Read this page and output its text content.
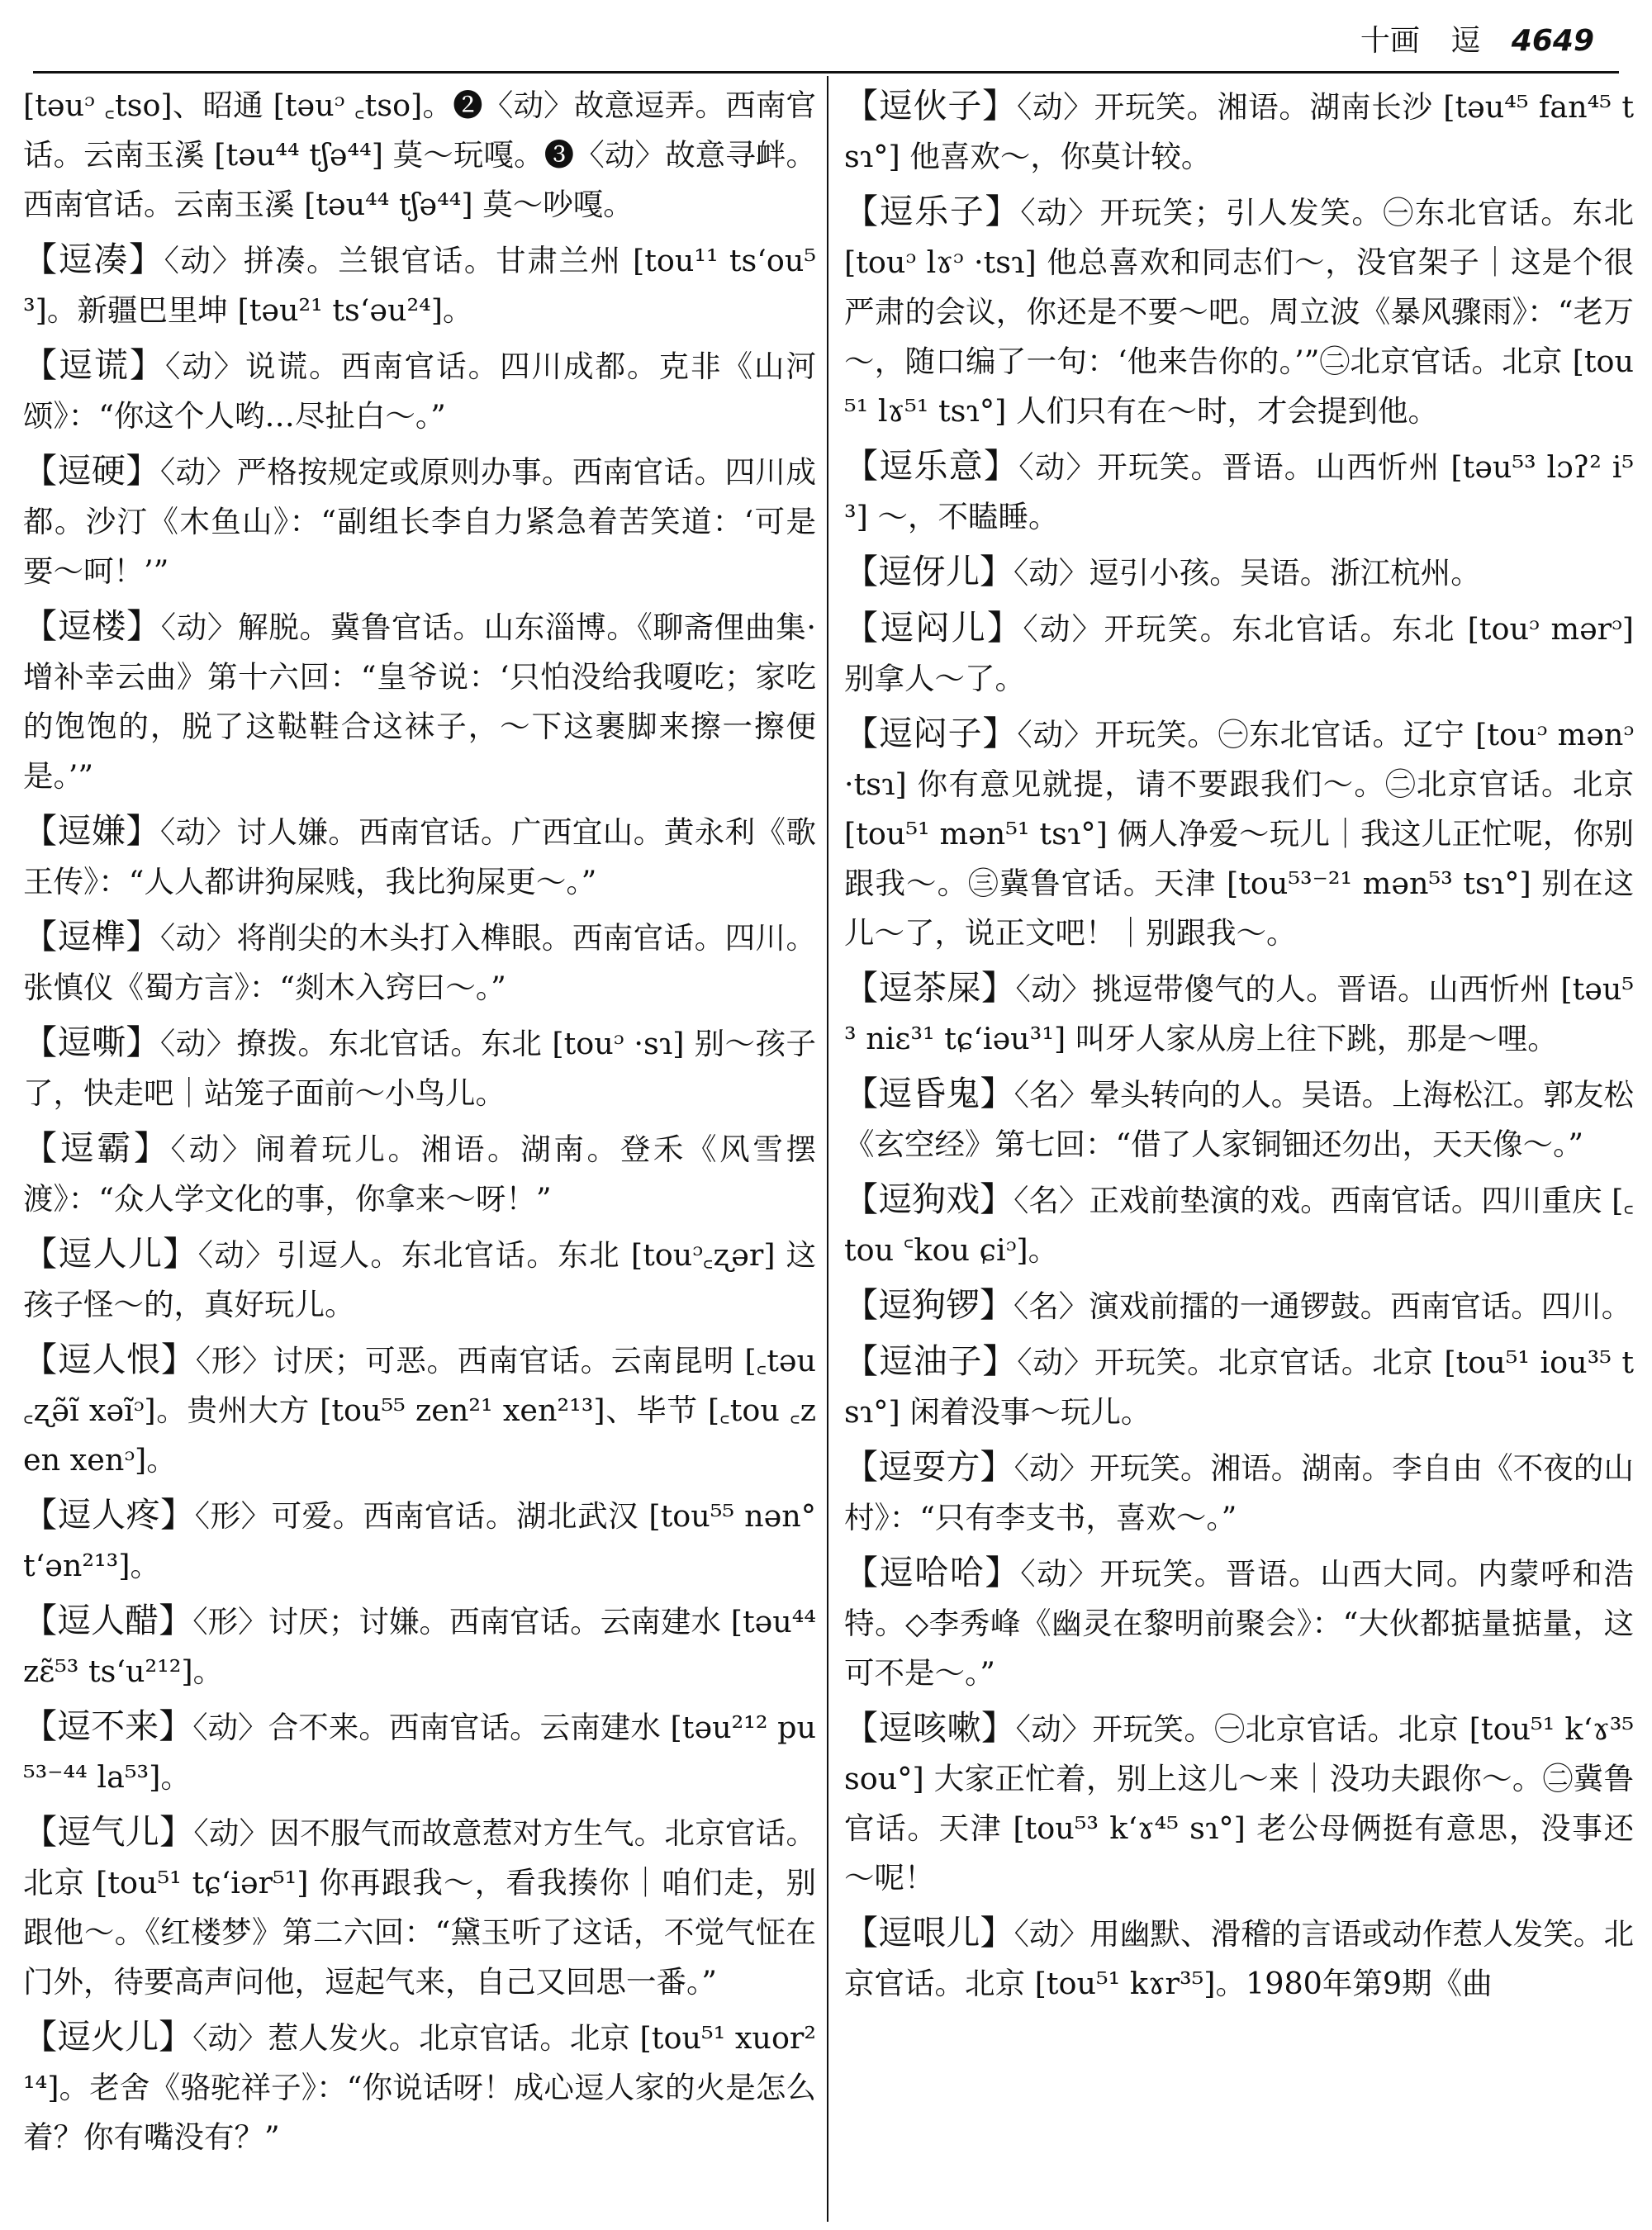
十画 逗 4649

[təuᵓ ꜀tso]、昭通 [təuᵓ ꜀tso]。❷〈动〉故意逗弄。西南官话。云南玉溪 [təu⁴⁴ tʃə⁴⁴] 莫～玩嘎。❸〈动〉故意寻衅。西南官话。云南玉溪 [təu⁴⁴ tʃə⁴⁴] 莫～吵嘎。

【逗凑】〈动〉拼凑。兰银官话。甘肃兰州 [tou¹¹ ts‘ou⁵³]。新疆巴里坤 [təu²¹ ts‘əu²⁴]。

【逗谎】〈动〉说谎。西南官话。四川成都。克非《山河颂》：“你这个人哟…尽扯白～。”

【逗硬】〈动〉严格按规定或原则办事。西南官话。四川成都。沙汀《木鱼山》：“副组长李自力紧急着苦笑道：‘可是要～呵！’”

【逗楼】〈动〉解脱。冀鲁官话。山东淄博。《聊斋俚曲集·增补幸云曲》第十六回：“皇爷说：‘只怕没给我嗄吃；家吃的饱饱的，脱了这鞑鞋合这袜子，～下这裹脚来擦一擦便是。’”

【逗嫌】〈动〉讨人嫌。西南官话。广西宜山。黄永利《歌王传》：“人人都讲狗屎贱，我比狗屎更～。”

【逗榫】〈动〉将削尖的木头打入榫眼。西南官话。四川。张慎仪《蜀方言》：“剡木入窍曰～。”

【逗嘶】〈动〉撩拨。东北官话。东北 [touᵓ ·sɿ] 别～孩子了，快走吧｜站笼子面前～小鸟儿。

【逗霸】〈动〉闹着玩儿。湘语。湖南。登禾《风雪摆渡》：“众人学文化的事，你拿来～呀！”

【逗人儿】〈动〉引逗人。东北官话。东北 [touᵓ꜀ʐər] 这孩子怪～的，真好玩儿。

【逗人恨】〈形〉讨厌；可恶。西南官话。云南昆明 [꜀təu ꜀ʐə̃ĩ xəĩᵓ]。贵州大方 [tou⁵⁵ zen²¹ xen²¹³]、毕节 [꜀tou ꜀zen xenᵓ]。

【逗人疼】〈形〉可爱。西南官话。湖北武汉 [tou⁵⁵ nən° t‘ən²¹³]。

【逗人醋】〈形〉讨厌；讨嫌。西南官话。云南建水 [təu⁴⁴ zɛ̃⁵³ ts‘u²¹²]。

【逗不来】〈动〉合不来。西南官话。云南建水 [təu²¹² pu⁵³⁻⁴⁴ la⁵³]。

【逗气儿】〈动〉因不服气而故意惹对方生气。北京官话。北京 [tou⁵¹ tɕ‘iər⁵¹] 你再跟我～，看我揍你｜咱们走，别跟他～。《红楼梦》第二六回：“黛玉听了这话，不觉气怔在门外，待要高声问他，逗起气来，自己又回思一番。”

【逗火儿】〈动〉惹人发火。北京官话。北京 [tou⁵¹ xuor²¹⁴]。老舍《骆驼祥子》：“你说话呀！成心逗人家的火是怎么着？你有嘴没有？”

【逗伙子】〈动〉开玩笑。湘语。湖南长沙 [təu⁴⁵ fan⁴⁵ tsɿ°] 他喜欢～，你莫计较。

【逗乐子】〈动〉开玩笑；引人发笑。㊀东北官话。东北 [touᵓ lɤᵓ ·tsɿ] 他总喜欢和同志们～，没官架子｜这是个很严肃的会议，你还是不要～吧。周立波《暴风骤雨》：“老万～，随口编了一句：‘他来告你的。’”㊁北京官话。北京 [tou⁵¹ lɤ⁵¹ tsɿ°] 人们只有在～时，才会提到他。

【逗乐意】〈动〉开玩笑。晋语。山西忻州 [təu⁵³ lɔʔ² i⁵³] ～，不瞌睡。

【逗伢儿】〈动〉逗引小孩。吴语。浙江杭州。

【逗闷儿】〈动〉开玩笑。东北官话。东北 [touᵓ mərᵓ] 别拿人～了。

【逗闷子】〈动〉开玩笑。㊀东北官话。辽宁 [touᵓ mənᵓ ·tsɿ] 你有意见就提，请不要跟我们～。㊁北京官话。北京 [tou⁵¹ mən⁵¹ tsɿ°] 俩人净爱～玩儿｜我这儿正忙呢，你别跟我～。㊂冀鲁官话。天津 [tou⁵³⁻²¹ mən⁵³ tsɿ°] 别在这儿～了，说正文吧！｜别跟我～。

【逗茶屎】〈动〉挑逗带傻气的人。晋语。山西忻州 [təu⁵³ niɛ³¹ tɕ‘iəu³¹] 叫牙人家从房上往下跳，那是～哩。

【逗昏鬼】〈名〉晕头转向的人。吴语。上海松江。郭友松《玄空经》第七回：“借了人家铜钿还勿出，天天像～。”

【逗狗戏】〈名〉正戏前垫演的戏。西南官话。四川重庆 [꜀tou ꜂kou ɕiᵓ]。

【逗狗锣】〈名〉演戏前擂的一通锣鼓。西南官话。四川。

【逗油子】〈动〉开玩笑。北京官话。北京 [tou⁵¹ iou³⁵ tsɿ°] 闲着没事～玩儿。

【逗耍方】〈动〉开玩笑。湘语。湖南。李自由《不夜的山村》：“只有李支书，喜欢～。”

【逗哈哈】〈动〉开玩笑。晋语。山西大同。内蒙呼和浩特。◇李秀峰《幽灵在黎明前聚会》：“大伙都掂量掂量，这可不是～。”

【逗咳嗽】〈动〉开玩笑。㊀北京官话。北京 [tou⁵¹ k‘ɤ³⁵ sou°] 大家正忙着，别上这儿～来｜没功夫跟你～。㊁冀鲁官话。天津 [tou⁵³ k‘ɤ⁴⁵ sɿ°] 老公母俩挺有意思，没事还～呢！

【逗哏儿】〈动〉用幽默、滑稽的言语或动作惹人发笑。北京官话。北京 [tou⁵¹ kɤr³⁵]。1980年第9期《曲
